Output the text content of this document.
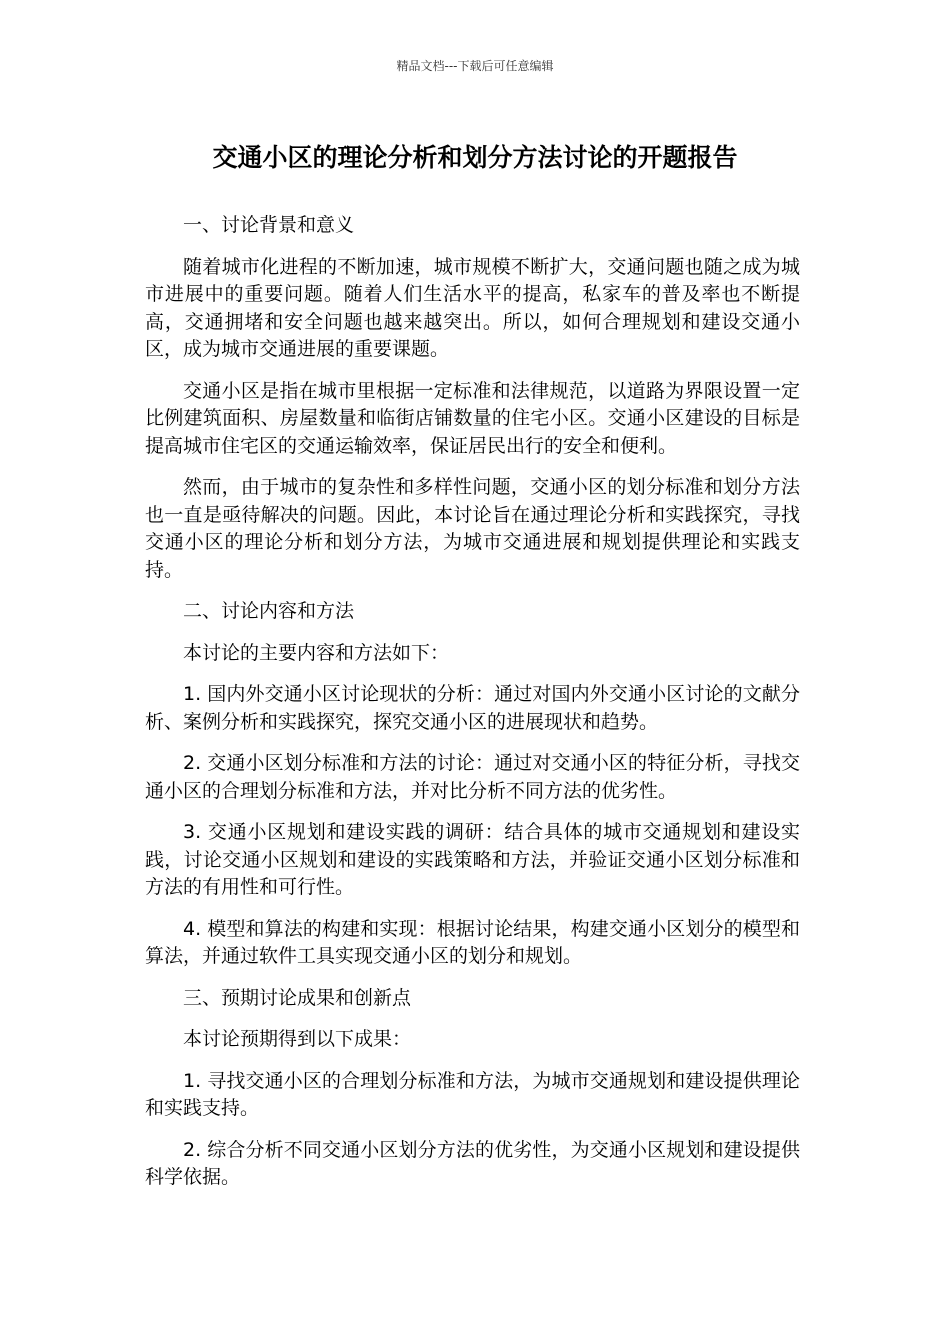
精品文档---下载后可任意编辑
交通小区的理论分析和划分方法讨论的开题报告

一、讨论背景和意义

随着城市化进程的不断加速，城市规模不断扩大，交通问题也随之成为城市进展中的重要问题。随着人们生活水平的提高，私家车的普及率也不断提高，交通拥堵和安全问题也越来越突出。所以，如何合理规划和建设交通小区，成为城市交通进展的重要课题。

交通小区是指在城市里根据一定标准和法律规范，以道路为界限设置一定比例建筑面积、房屋数量和临街店铺数量的住宅小区。交通小区建设的目标是提高城市住宅区的交通运输效率，保证居民出行的安全和便利。

然而，由于城市的复杂性和多样性问题，交通小区的划分标准和划分方法也一直是亟待解决的问题。因此，本讨论旨在通过理论分析和实践探究，寻找交通小区的理论分析和划分方法，为城市交通进展和规划提供理论和实践支持。

二、讨论内容和方法

本讨论的主要内容和方法如下：

1. 国内外交通小区讨论现状的分析：通过对国内外交通小区讨论的文献分析、案例分析和实践探究，探究交通小区的进展现状和趋势。

2. 交通小区划分标准和方法的讨论：通过对交通小区的特征分析，寻找交通小区的合理划分标准和方法，并对比分析不同方法的优劣性。

3. 交通小区规划和建设实践的调研：结合具体的城市交通规划和建设实践，讨论交通小区规划和建设的实践策略和方法，并验证交通小区划分标准和方法的有用性和可行性。

4. 模型和算法的构建和实现：根据讨论结果，构建交通小区划分的模型和算法，并通过软件工具实现交通小区的划分和规划。

三、预期讨论成果和创新点

本讨论预期得到以下成果：

1. 寻找交通小区的合理划分标准和方法，为城市交通规划和建设提供理论和实践支持。

2. 综合分析不同交通小区划分方法的优劣性，为交通小区规划和建设提供科学依据。
